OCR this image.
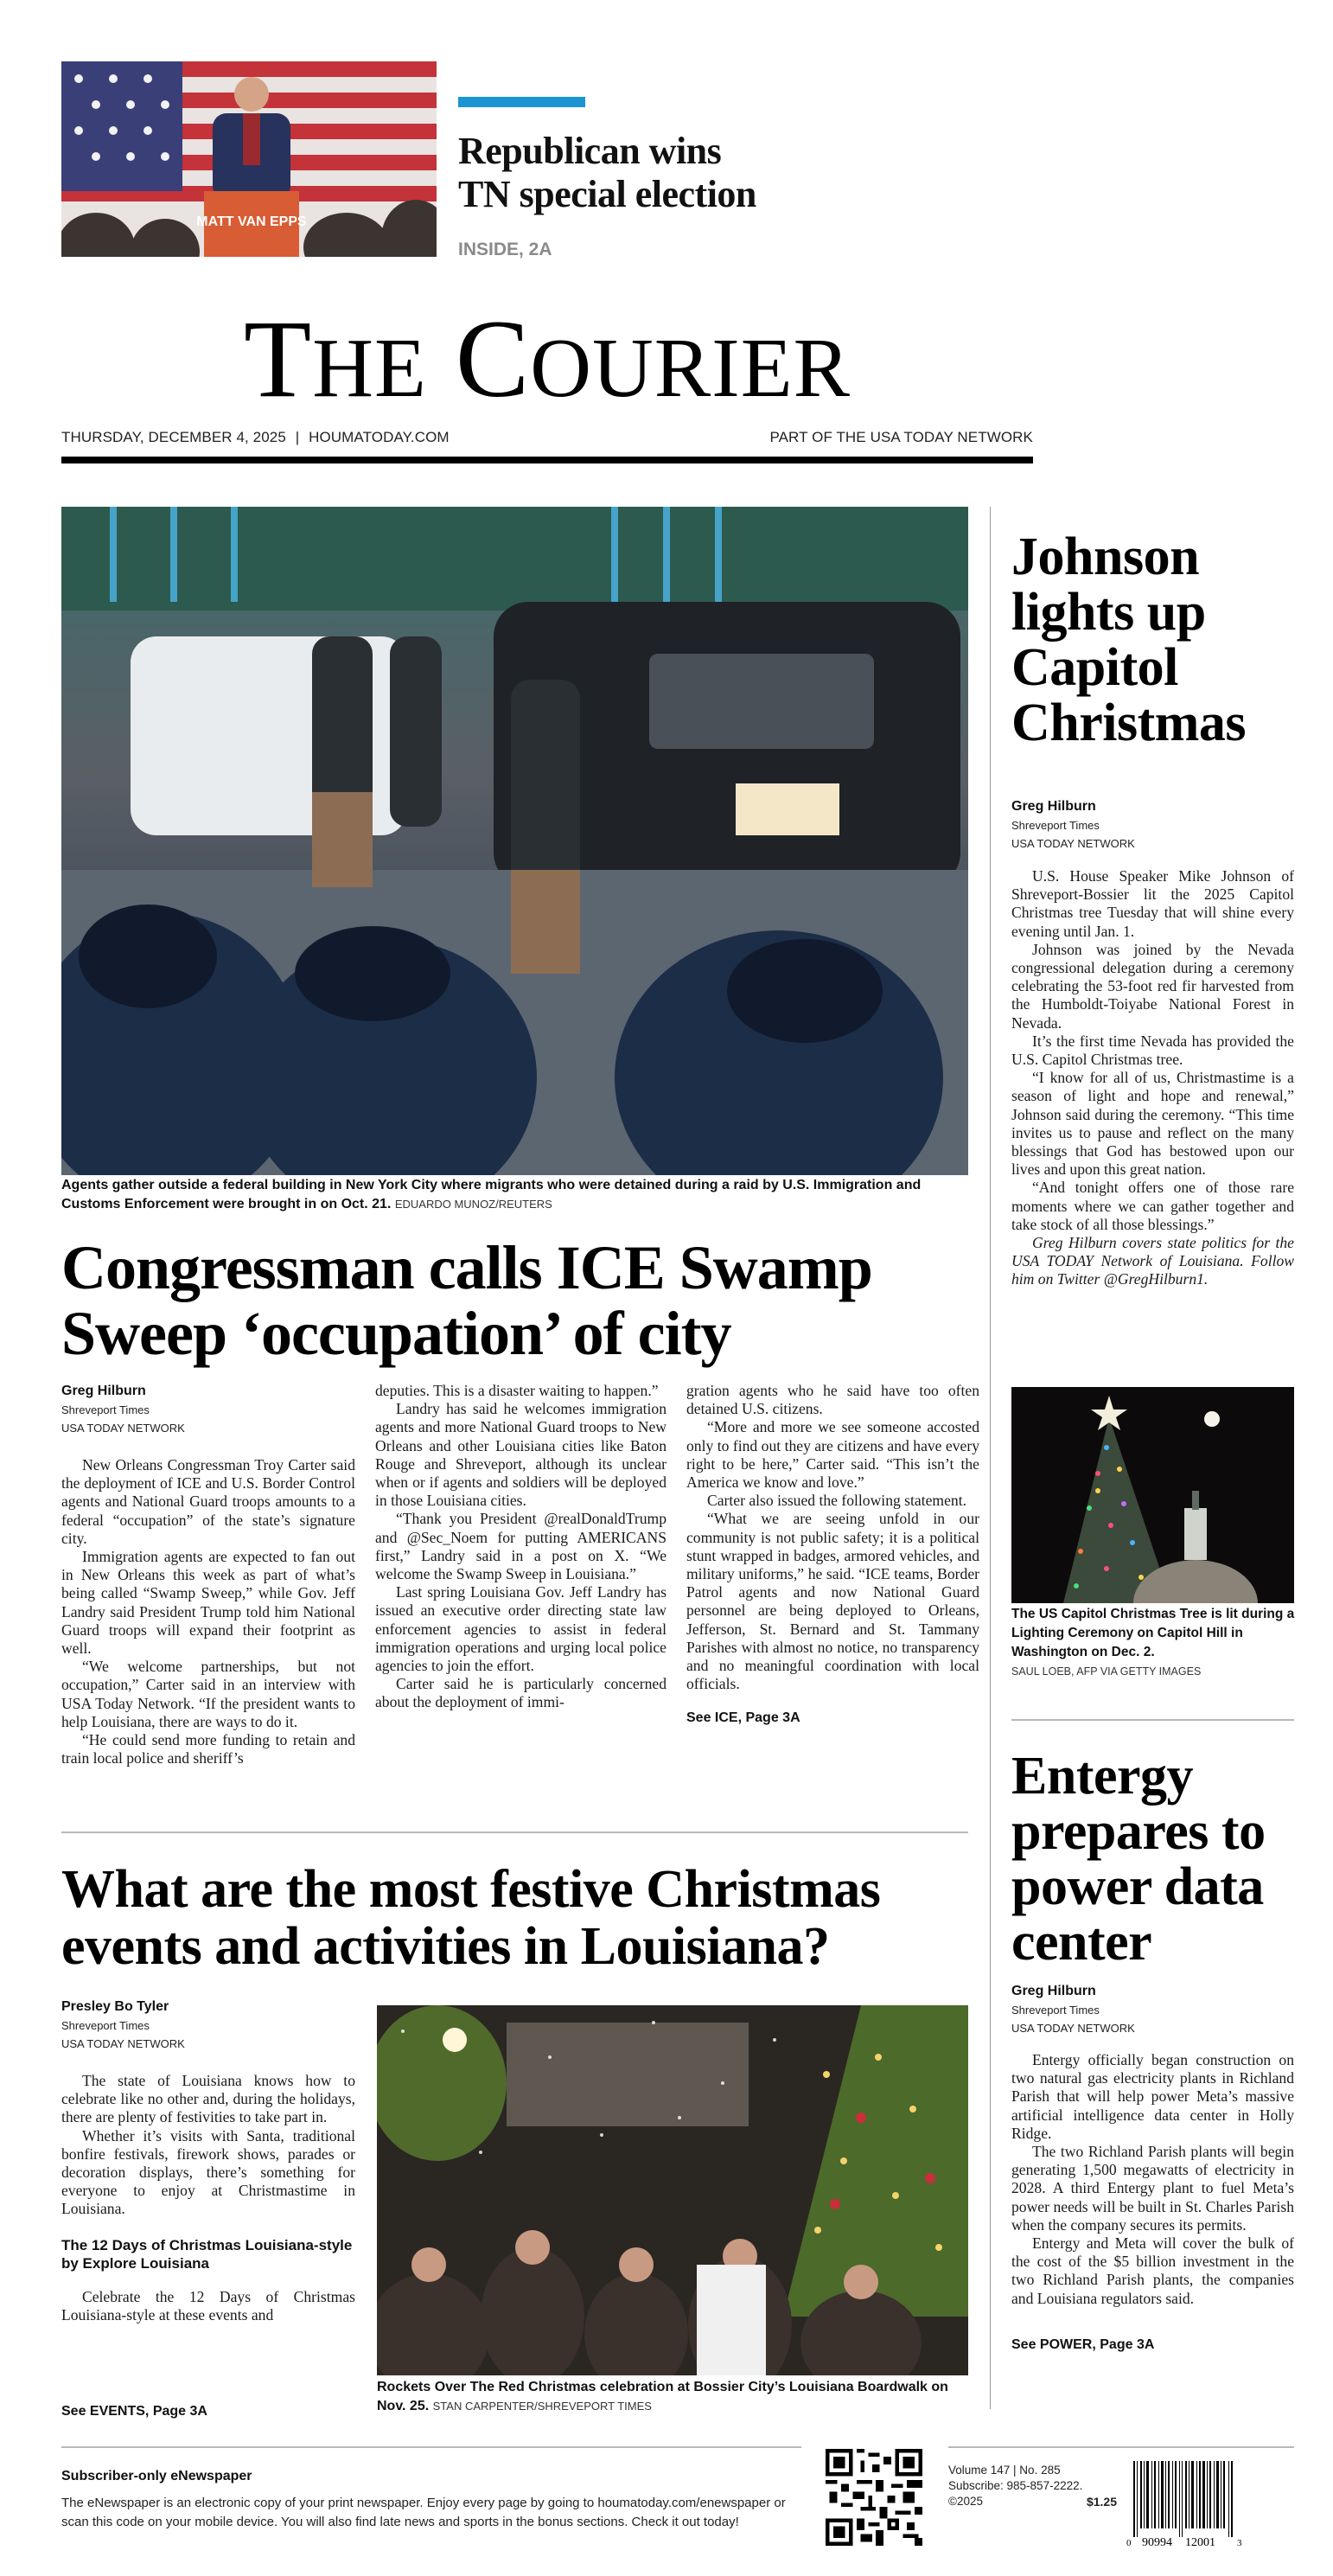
MATT VAN EPPS
Republican wins
TN special election
INSIDE, 2A
THE COURIER
THURSDAY, DECEMBER 4, 2025 | HOUMATODAY.COM	PART OF THE USA TODAY NETWORK
Agents gather outside a federal building in New York City where migrants who were detained during a raid by U.S. Immigration and Customs Enforcement were brought in on Oct. 21. EDUARDO MUNOZ/REUTERS
Congressman calls ICE Swamp Sweep ‘occupation’ of city
Greg Hilburn
Shreveport Times
USA TODAY NETWORK

New Orleans Congressman Troy Carter said the deployment of ICE and U.S. Border Control agents and National Guard troops amounts to a federal “occupation” of the state’s signature city.

Immigration agents are expected to fan out in New Orleans this week as part of what’s being called “Swamp Sweep,” while Gov. Jeff Landry said President Trump told him National Guard troops will expand their footprint as well.

“We welcome partnerships, but not occupation,” Carter said in an interview with USA Today Network. “If the president wants to help Louisiana, there are ways to do it.

“He could send more funding to retain and train local police and sheriff’s

deputies. This is a disaster waiting to happen.”

Landry has said he welcomes immigration agents and more National Guard troops to New Orleans and other Louisiana cities like Baton Rouge and Shreveport, although its unclear when or if agents and soldiers will be deployed in those Louisiana cities.

“Thank you President @realDonaldTrump and @Sec_Noem for putting AMERICANS first,” Landry said in a post on X. “We welcome the Swamp Sweep in Louisiana.”

Last spring Louisiana Gov. Jeff Landry has issued an executive order directing state law enforcement agencies to assist in federal immigration operations and urging local police agencies to join the effort.

Carter said he is particularly concerned about the deployment of immi-

gration agents who he said have too often detained U.S. citizens.

“More and more we see someone accosted only to find out they are citizens and have every right to be here,” Carter said. “This isn’t the America we know and love.”

Carter also issued the following statement.

“What we are seeing unfold in our community is not public safety; it is a political stunt wrapped in badges, armored vehicles, and military uniforms,” he said. “ICE teams, Border Patrol agents and now National Guard personnel are being deployed to Orleans, Jefferson, St. Bernard and St. Tammany Parishes with almost no notice, no transparency and no meaningful coordination with local officials.

See ICE, Page 3A
What are the most festive Christmas events and activities in Louisiana?
Presley Bo Tyler
Shreveport Times
USA TODAY NETWORK

The state of Louisiana knows how to celebrate like no other and, during the holidays, there are plenty of festivities to take part in.

Whether it’s visits with Santa, traditional bonfire festivals, firework shows, parades or decoration displays, there’s something for everyone to enjoy at Christmastime in Louisiana.

The 12 Days of Christmas Louisiana-style by Explore Louisiana

Celebrate the 12 Days of Christmas Louisiana-style at these events and

See EVENTS, Page 3A
Rockets Over The Red Christmas celebration at Bossier City’s Louisiana Boardwalk on Nov. 25. STAN CARPENTER/SHREVEPORT TIMES
Johnson lights up Capitol Christmas
Greg Hilburn
Shreveport Times
USA TODAY NETWORK

U.S. House Speaker Mike Johnson of Shreveport-Bossier lit the 2025 Capitol Christmas tree Tuesday that will shine every evening until Jan. 1.

Johnson was joined by the Nevada congressional delegation during a ceremony celebrating the 53-foot red fir harvested from the Humboldt-Toiyabe National Forest in Nevada.

It’s the first time Nevada has provided the U.S. Capitol Christmas tree.

“I know for all of us, Christmastime is a season of light and hope and renewal,” Johnson said during the ceremony. “This time invites us to pause and reflect on the many blessings that God has bestowed upon our lives and upon this great nation.

“And tonight offers one of those rare moments where we can gather together and take stock of all those blessings.”

Greg Hilburn covers state politics for the USA TODAY Network of Louisiana. Follow him on Twitter @GregHilburn1.

The US Capitol Christmas Tree is lit during a Lighting Ceremony on Capitol Hill in Washington on Dec. 2.
SAUL LOEB, AFP VIA GETTY IMAGES
Entergy prepares to power data center
Greg Hilburn
Shreveport Times
USA TODAY NETWORK

Entergy officially began construction on two natural gas electricity plants in Richland Parish that will help power Meta’s massive artificial intelligence data center in Holly Ridge.

The two Richland Parish plants will begin generating 1,500 megawatts of electricity in 2028. A third Entergy plant to fuel Meta’s power needs will be built in St. Charles Parish when the company secures its permits.

Entergy and Meta will cover the bulk of the cost of the $5 billion investment in the two Richland Parish plants, the companies and Louisiana regulators said.

See POWER, Page 3A
Subscriber-only eNewspaper
The eNewspaper is an electronic copy of your print newspaper. Enjoy every page by going to houmatoday.com/enewspaper or scan this code on your mobile device. You will also find late news and sports in the bonus sections. Check it out today!
Volume 147 | No. 285
Subscribe: 985-857-2222.
©2025	$1.25
0 90994 12001 3
